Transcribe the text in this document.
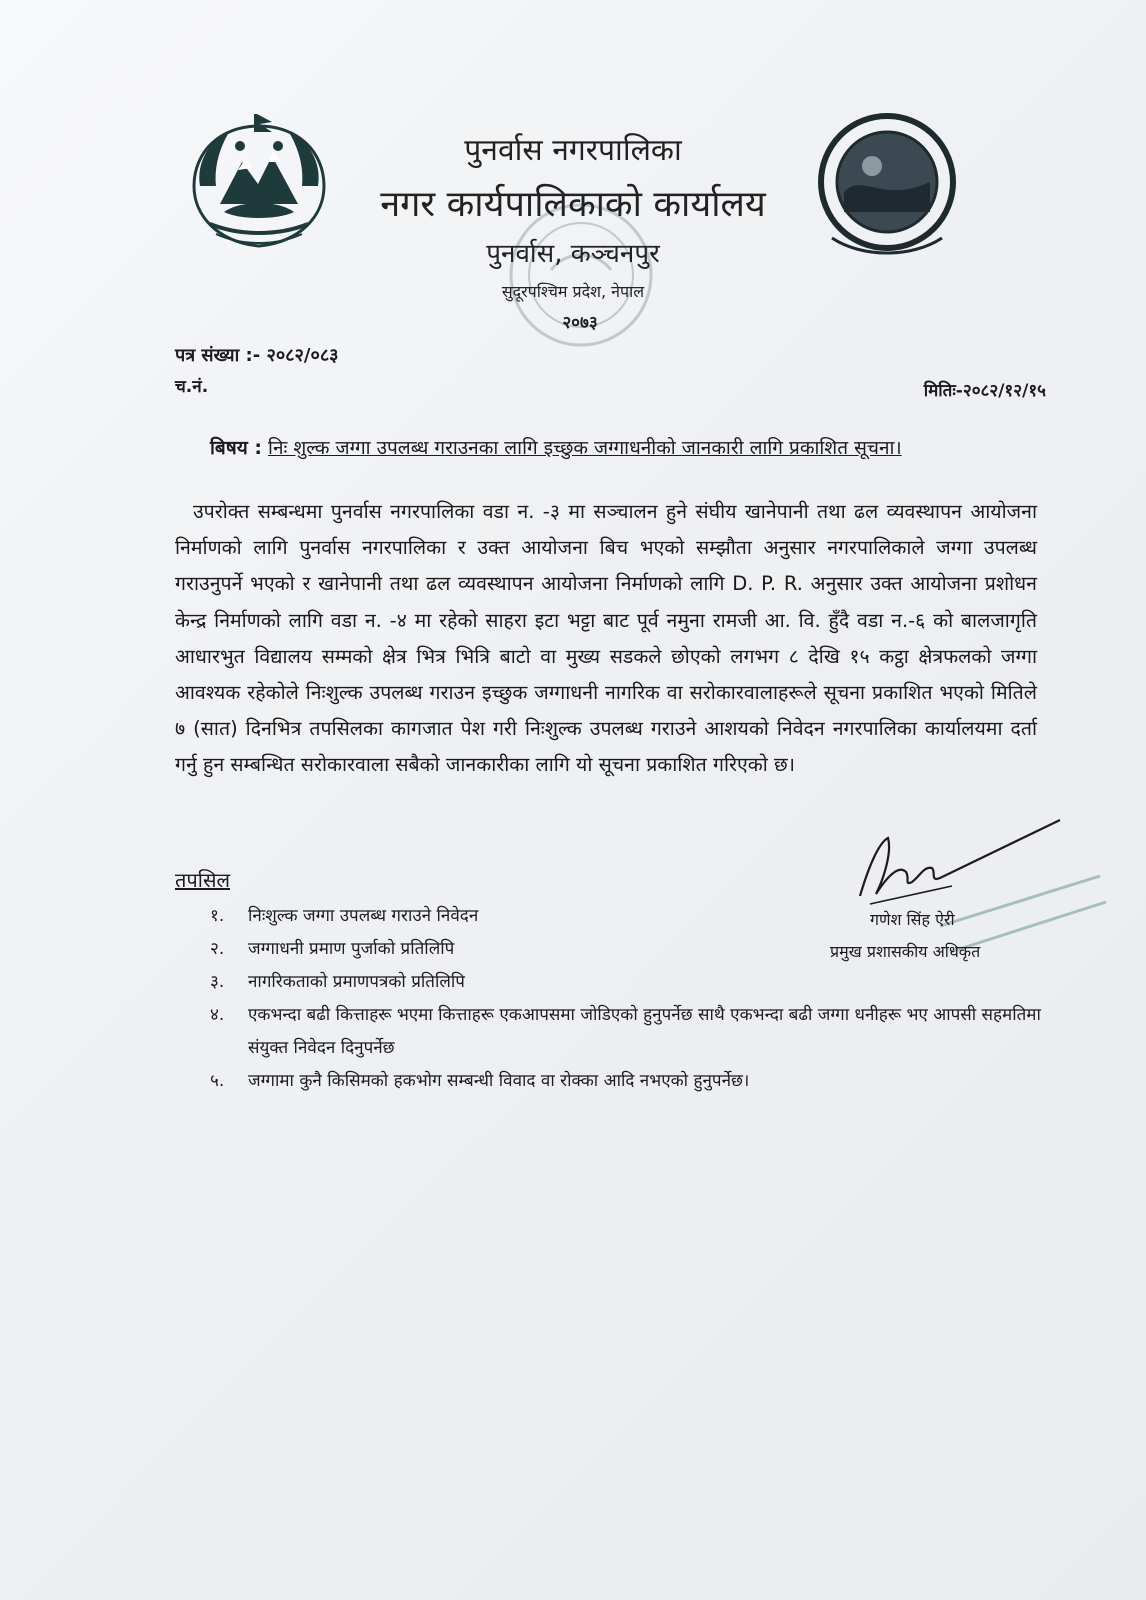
पुनर्वास नगरपालिका
नगर कार्यपालिकाको कार्यालय
पुनर्वास, कञ्चनपुर
सुदूरपश्चिम प्रदेश, नेपाल
२०७३
पत्र संख्या :- २०८२/०८३
च.नं.	मितिः-२०८२/१२/१५
बिषय : निः शुल्क जग्गा उपलब्ध गराउनका लागि इच्छुक जग्गाधनीको जानकारी लागि प्रकाशित सूचना।
उपरोक्त सम्बन्धमा पुनर्वास नगरपालिका वडा न. -३ मा सञ्चालन हुने संघीय खानेपानी तथा ढल व्यवस्थापन आयोजना निर्माणको लागि पुनर्वास नगरपालिका र उक्त आयोजना बिच भएको सम्झौता अनुसार नगरपालिकाले जग्गा उपलब्ध गराउनुपर्ने भएको र खानेपानी तथा ढल व्यवस्थापन आयोजना निर्माणको लागि D. P. R. अनुसार उक्त आयोजना प्रशोधन केन्द्र निर्माणको लागि वडा न. -४ मा रहेको साहरा इटा भट्टा बाट पूर्व नमुना रामजी आ. वि. हुँदै वडा न.-६ को बालजागृति आधारभुत विद्यालय सम्मको क्षेत्र भित्र भित्रि बाटो वा मुख्य सडकले छोएको लगभग ८ देखि १५ कट्ठा क्षेत्रफलको जग्गा आवश्यक रहेकोले निःशुल्क उपलब्ध गराउन इच्छुक जग्गाधनी नागरिक वा सरोकारवालाहरूले सूचना प्रकाशित भएको मितिले ७ (सात) दिनभित्र तपसिलका कागजात पेश गरी निःशुल्क उपलब्ध गराउने आशयको निवेदन नगरपालिका कार्यालयमा दर्ता गर्नु हुन सम्बन्धित सरोकारवाला सबैको जानकारीका लागि यो सूचना प्रकाशित गरिएको छ।
गणेश सिंह ऐरी
प्रमुख प्रशासकीय अधिकृत
तपसिल
१. निःशुल्क जग्गा उपलब्ध गराउने निवेदन
२. जग्गाधनी प्रमाण पुर्जाको प्रतिलिपि
३. नागरिकताको प्रमाणपत्रको प्रतिलिपि
४. एकभन्दा बढी कित्ताहरू भएमा कित्ताहरू एकआपसमा जोडिएको हुनुपर्नेछ साथै एकभन्दा बढी जग्गा धनीहरू भए आपसी सहमतिमा संयुक्त निवेदन दिनुपर्नेछ
५. जग्गामा कुनै किसिमको हकभोग सम्बन्धी विवाद वा रोक्का आदि नभएको हुनुपर्नेछ।
